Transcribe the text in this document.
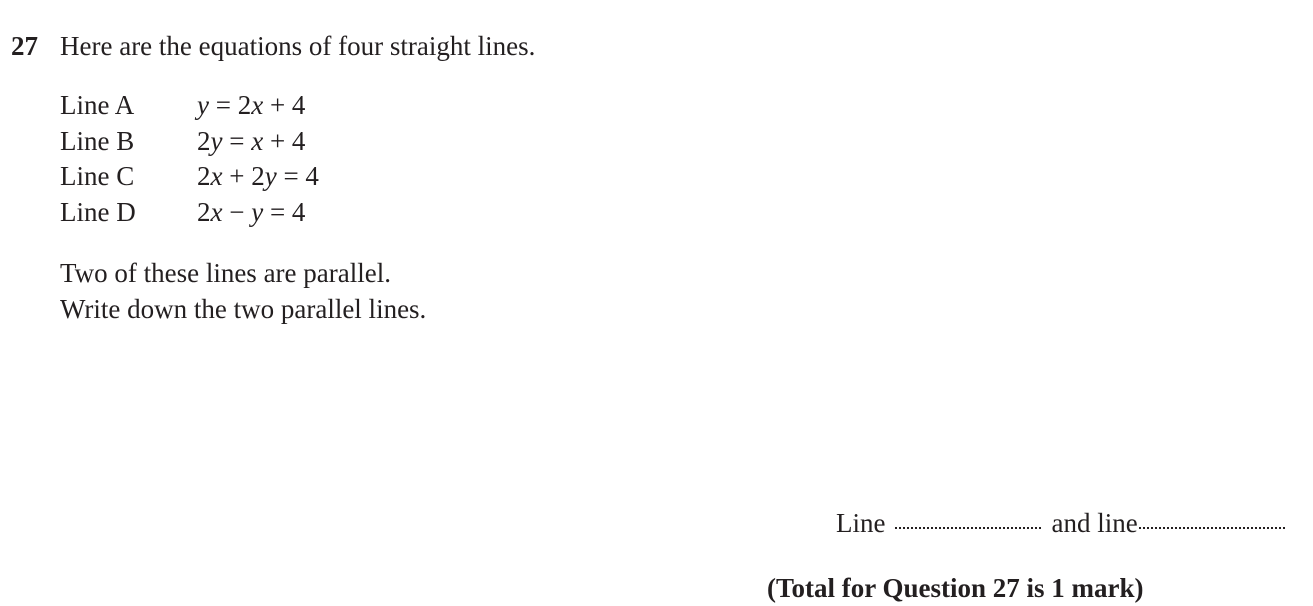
27 Here are the equations of four straight lines.
Line A	y = 2x + 4
Line B	2y = x + 4
Line C	2x + 2y = 4
Line D	2x − y = 4
Two of these lines are parallel.
Write down the two parallel lines.
Line	and line
(Total for Question 27 is 1 mark)
